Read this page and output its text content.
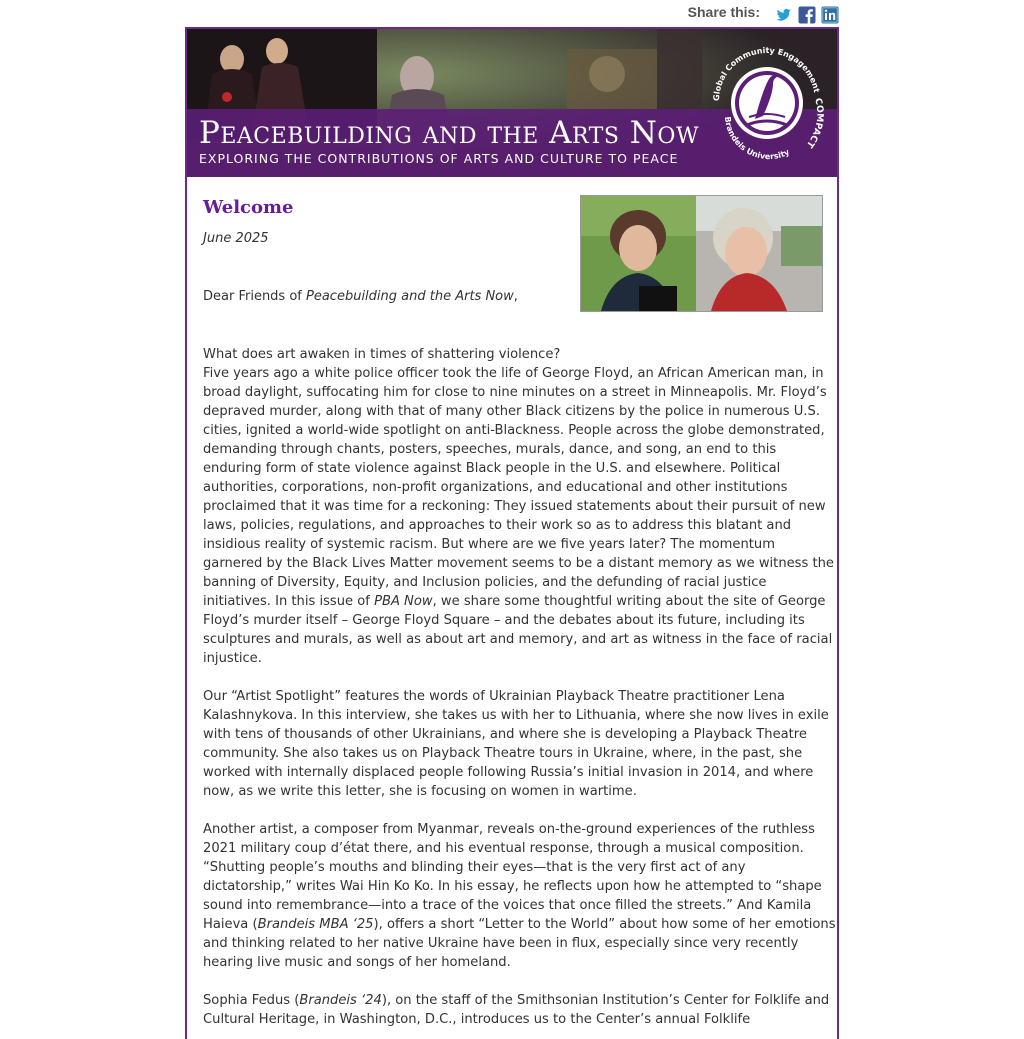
Share this:
Peacebuilding and the Arts Now
EXPLORING THE CONTRIBUTIONS OF ARTS AND CULTURE TO PEACE
Global Community Engagement
Brandeis University
COMPACT
Welcome
June 2025
Dear Friends of Peacebuilding and the Arts Now,

What does art awaken in times of shattering violence?
Five years ago a white police officer took the life of George Floyd, an African American man, in broad daylight, suffocating him for close to nine minutes on a street in Minneapolis. Mr. Floyd’s depraved murder, along with that of many other Black citizens by the police in numerous U.S. cities, ignited a world-wide spotlight on anti-Blackness. People across the globe demonstrated, demanding through chants, posters, speeches, murals, dance, and song, an end to this enduring form of state violence against Black people in the U.S. and elsewhere. Political authorities, corporations, non-profit organizations, and educational and other institutions proclaimed that it was time for a reckoning: They issued statements about their pursuit of new laws, policies, regulations, and approaches to their work so as to address this blatant and insidious reality of systemic racism. But where are we five years later? The momentum garnered by the Black Lives Matter movement seems to be a distant memory as we witness the banning of Diversity, Equity, and Inclusion policies, and the defunding of racial justice initiatives. In this issue of PBA Now, we share some thoughtful writing about the site of George Floyd’s murder itself – George Floyd Square – and the debates about its future, including its sculptures and murals, as well as about art and memory, and art as witness in the face of racial injustice.

Our “Artist Spotlight” features the words of Ukrainian Playback Theatre practitioner Lena Kalashnykova. In this interview, she takes us with her to Lithuania, where she now lives in exile with tens of thousands of other Ukrainians, and where she is developing a Playback Theatre community. She also takes us on Playback Theatre tours in Ukraine, where, in the past, she worked with internally displaced people following Russia’s initial invasion in 2014, and where now, as we write this letter, she is focusing on women in wartime.

Another artist, a composer from Myanmar, reveals on-the-ground experiences of the ruthless 2021 military coup d’état there, and his eventual response, through a musical composition. “Shutting people’s mouths and blinding their eyes—that is the very first act of any dictatorship,” writes Wai Hin Ko Ko. In his essay, he reflects upon how he attempted to “shape sound into remembrance—into a trace of the voices that once filled the streets.” And Kamila Haieva (Brandeis MBA ‘25), offers a short “Letter to the World” about how some of her emotions and thinking related to her native Ukraine have been in flux, especially since very recently hearing live music and songs of her homeland.

Sophia Fedus (Brandeis ‘24), on the staff of the Smithsonian Institution’s Center for Folklife and Cultural Heritage, in Washington, D.C., introduces us to the Center’s annual Folklife
